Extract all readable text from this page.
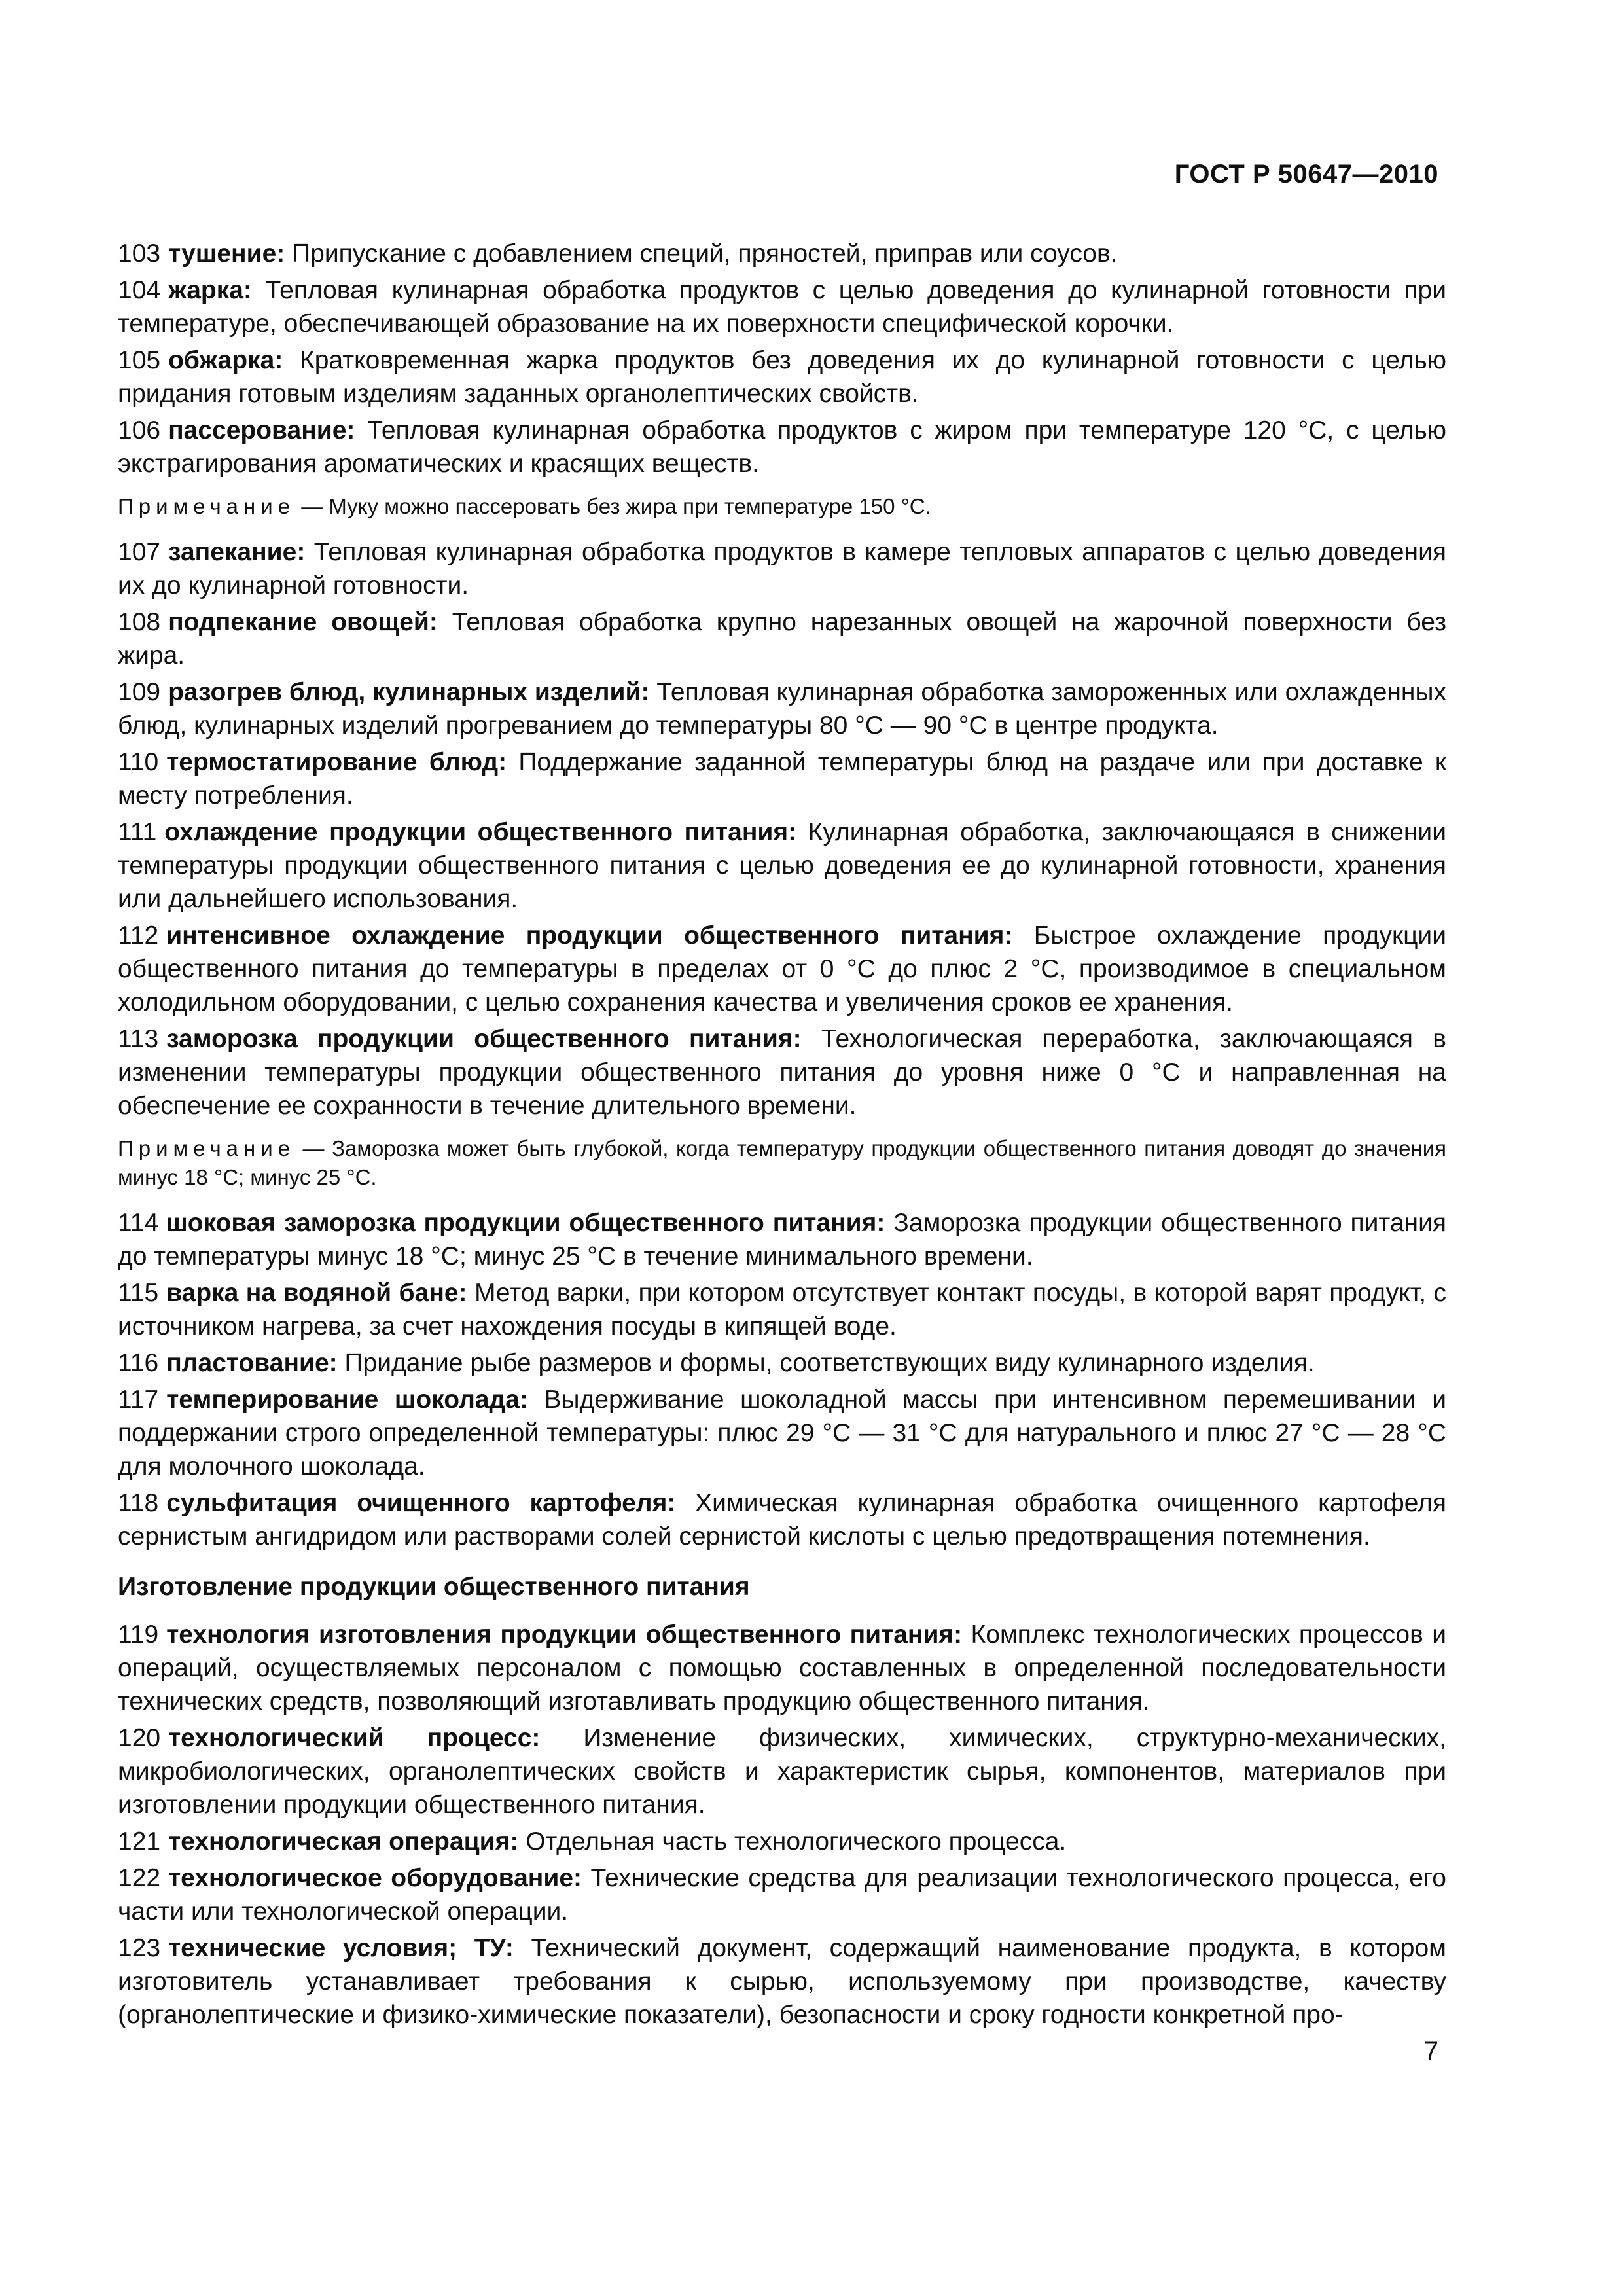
ГОСТ Р 50647—2010

103 тушение: Припускание с добавлением специй, пряностей, приправ или соусов.

104 жарка: Тепловая кулинарная обработка продуктов с целью доведения до кулинарной готовности при температуре, обеспечивающей образование на их поверхности специфической корочки.

105 обжарка: Кратковременная жарка продуктов без доведения их до кулинарной готовности с целью придания готовым изделиям заданных органолептических свойств.

106 пассерование: Тепловая кулинарная обработка продуктов с жиром при температуре 120 °С, с целью экстрагирования ароматических и красящих веществ.

Примечание — Муку можно пассеровать без жира при температуре 150 °С.

107 запекание: Тепловая кулинарная обработка продуктов в камере тепловых аппаратов с целью доведения их до кулинарной готовности.

108 подпекание овощей: Тепловая обработка крупно нарезанных овощей на жарочной поверхности без жира.

109 разогрев блюд, кулинарных изделий: Тепловая кулинарная обработка замороженных или охлажденных блюд, кулинарных изделий прогреванием до температуры 80 °С — 90 °С в центре продукта.

110 термостатирование блюд: Поддержание заданной температуры блюд на раздаче или при доставке к месту потребления.

111 охлаждение продукции общественного питания: Кулинарная обработка, заключающаяся в снижении температуры продукции общественного питания с целью доведения ее до кулинарной готовности, хранения или дальнейшего использования.

112 интенсивное охлаждение продукции общественного питания: Быстрое охлаждение продукции общественного питания до температуры в пределах от 0 °С до плюс 2 °С, производимое в специальном холодильном оборудовании, с целью сохранения качества и увеличения сроков ее хранения.

113 заморозка продукции общественного питания: Технологическая переработка, заключающаяся в изменении температуры продукции общественного питания до уровня ниже 0 °С и направленная на обеспечение ее сохранности в течение длительного времени.

Примечание — Заморозка может быть глубокой, когда температуру продукции общественного питания доводят до значения минус 18 °С; минус 25 °С.

114 шоковая заморозка продукции общественного питания: Заморозка продукции общественного питания до температуры минус 18 °С; минус 25 °С в течение минимального времени.

115 варка на водяной бане: Метод варки, при котором отсутствует контакт посуды, в которой варят продукт, с источником нагрева, за счет нахождения посуды в кипящей воде.

116 пластование: Придание рыбе размеров и формы, соответствующих виду кулинарного изделия.

117 темперирование шоколада: Выдерживание шоколадной массы при интенсивном перемешивании и поддержании строго определенной температуры: плюс 29 °С — 31 °С для натурального и плюс 27 °С — 28 °С для молочного шоколада.

118 сульфитация очищенного картофеля: Химическая кулинарная обработка очищенного картофеля сернистым ангидридом или растворами солей сернистой кислоты с целью предотвращения потемнения.

Изготовление продукции общественного питания

119 технология изготовления продукции общественного питания: Комплекс технологических процессов и операций, осуществляемых персоналом с помощью составленных в определенной последовательности технических средств, позволяющий изготавливать продукцию общественного питания.

120 технологический процесс: Изменение физических, химических, структурно-механических, микробиологических, органолептических свойств и характеристик сырья, компонентов, материалов при изготовлении продукции общественного питания.

121 технологическая операция: Отдельная часть технологического процесса.

122 технологическое оборудование: Технические средства для реализации технологического процесса, его части или технологической операции.

123 технические условия; ТУ: Технический документ, содержащий наименование продукта, в котором изготовитель устанавливает требования к сырью, используемому при производстве, качеству (органолептические и физико-химические показатели), безопасности и сроку годности конкретной про-

7
